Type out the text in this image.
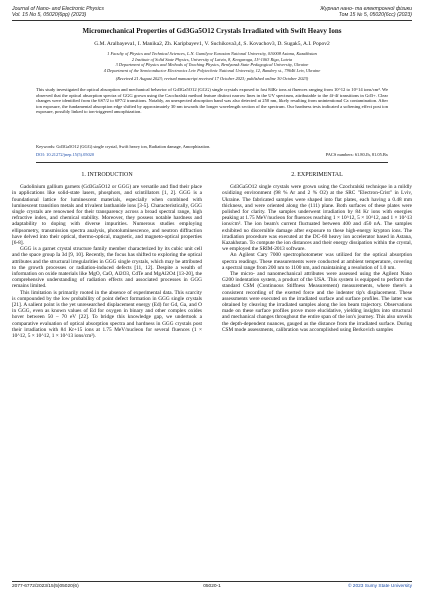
Journal of Nano- and Electronic Physics
Vol. 15 No 5, 05020(6pp) (2023)
Журнал нано- та електронної фізики
Том 15 № 5, 05020(6cc) (2023)
Micromechanical Properties of Gd3Ga5O12 Crystals Irradiated with Swift Heavy Ions
G.M. Aralbayeva1, I. Manika2, Zh. Karipbayev1, V. Suchikova3,4, S. Kovachov3, D. Sugak5, A.I. Popov2
1 Faculty of Physics and Technical Sciences, L.N. Gumilyov Eurasian National University, 010008 Astana, Kazakhstan
2 Institute of Solid State Physics, University of Latvia, 8, Kengaraga, LV-1063 Riga, Latvia
3 Department of Physics and Methods of Teaching Physics, Berdyansk State Pedagogical University, Ukraine
4 Department of the Semiconductor Electronics Lviv Polytechnic National University, 12, Bandery st., 79646 Lviv, Ukraine
(Received 21 August 2023; revised manuscript received 17 October 2023; published online 30 October 2023)
This study investigated the optical absorption and mechanical behavior of Gd3Ga5O12 (GGG) single crystals exposed to fast 84Kr ions at fluences ranging from 10^12 to 10^14 ions/cm². We observed that the optical absorption spectra of GGG grown using the Czochralski method feature distinct narrow lines in the UV spectrum, attributable to the 4f-4f transitions in Gd3+. Clear changes were identified from the 6S7/2 to 6P7/2 transitions. Notably, an unexpected absorption band was also detected at 250 nm, likely resulting from unintentional Ca contamination. After ion exposure, the fundamental absorption edge shifted by approximately 30 nm towards the longer wavelength section of the spectrum. Our hardness tests indicated a softening effect post ion exposure, possibly linked to ion-triggered amorphization.
Keywords: Gd3Ga5O12 (GGG) single crystal, Swift heavy ion, Radiation damage, Amorphization.
DOI: 10.21272/jnep.15(5).05020	PACS numbers: 61.80.Jh, 81.05.Bx
1. INTRODUCTION

Gadolinium gallium garnets (Gd3Ga5O12 or GGG) are versatile and find their place in applications like solid-state lasers, phosphors, and scintillators [1, 2]. GGG is a foundational lattice for luminescent materials, especially when combined with luminescent transition metals and trivalent lanthanide ions [3-5]. Characteristically, GGG single crystals are renowned for their transparency across a broad spectral range, high refractive index, and chemical stability. Moreover, they possess notable hardness and adaptability to doping with diverse impurities. Numerous studies employing ellipsometry, transmission spectra analysis, photoluminescence, and neutron diffraction have delved into their optical, thermo-optical, magnetic, and magneto-optical properties [6-8].

GGG is a garnet crystal structure family member characterized by its cubic unit cell and the space group Ia 3d [9, 10]. Recently, the focus has shifted to exploring the optical attributes and the structural irregularities in GGG single crystals, which may be attributed to the growth processes or radiation-induced defects [11, 12]. Despite a wealth of information on oxide materials like MgO, CaO, Al2O3, CdTe and MgAl2O4 [13-20], the comprehensive understanding of radiation effects and associated processes in GGG remains limited.

This limitation is primarily rooted in the absence of experimental data. This scarcity is compounded by the low probability of point defect formation in GGG single crystals [21]. A salient point is the yet unresearched displacement energy (Ed) for Gd, Ga, and O in GGG, even as known values of Ed for oxygen in binary and other complex oxides hover between 50 – 70 eV [22]. To bridge this knowledge gap, we undertook a comparative evaluation of optical absorption spectra and hardness in GGG crystals post their irradiation with 84 Kr+15 ions at 1.75 MeV/nucleon for several fluences (1 × 10^12, 5 × 10^12, 1 × 10^13 ions/cm²).

2. EXPERIMENTAL

Gd3Ga5O12 single crystals were grown using the Czochralski technique in a mildly oxidizing environment (98 % Ar and 2 % O2) at the SRC "Electron-Crist" in Lviv, Ukraine. The fabricated samples were shaped into flat plates, each having a 0.48 mm thickness, and were oriented along the (111) plane. Both surfaces of these plates were polished for clarity. The samples underwent irradiation by 84 Kr ions with energies peaking at 1.75 MeV/nucleon for fluences reaching 1 × 10^12, 5 × 10^12, and 1 × 10^13 ions/cm². The ion beam's current fluctuated between 400 and 450 nA. The samples exhibited no discernible damage after exposure to these high-energy krypton ions. The irradiation procedure was executed at the DC-60 heavy ion accelerator based in Astana, Kazakhstan. To compute the ion distances and their energy dissipation within the crystal, we employed the SRIM-2013 software.

An Agilent Cary 7000 spectrophotometer was utilized for the optical absorption spectra readings. These measurements were conducted at ambient temperature, covering a spectral range from 200 nm to 1100 nm, and maintaining a resolution of 1.0 nm.

The micro- and nanomechanical attributes were assessed using the Agilent Nano G200 indentation system, a product of the USA. This system is equipped to perform the standard CSM (Continuous Stiffness Measurement) measurements, where there's a consistent recording of the exerted force and the indenter tip's displacement. These assessments were executed on the irradiated surface and surface profiles. The latter was obtained by cleaving the irradiated samples along the ion beam trajectory. Observations made on these surface profiles prove more elucidative, yielding insights into structural and mechanical changes throughout the entire span of the ion's journey. This also unveils the depth-dependent nuances, gauged as the distance from the irradiated surface. During CSM mode assessments, calibration was accomplished using Berkovich samples

2077-6772/2023/15(5)05020(6)	05020-1	© 2023 Sumy State University
